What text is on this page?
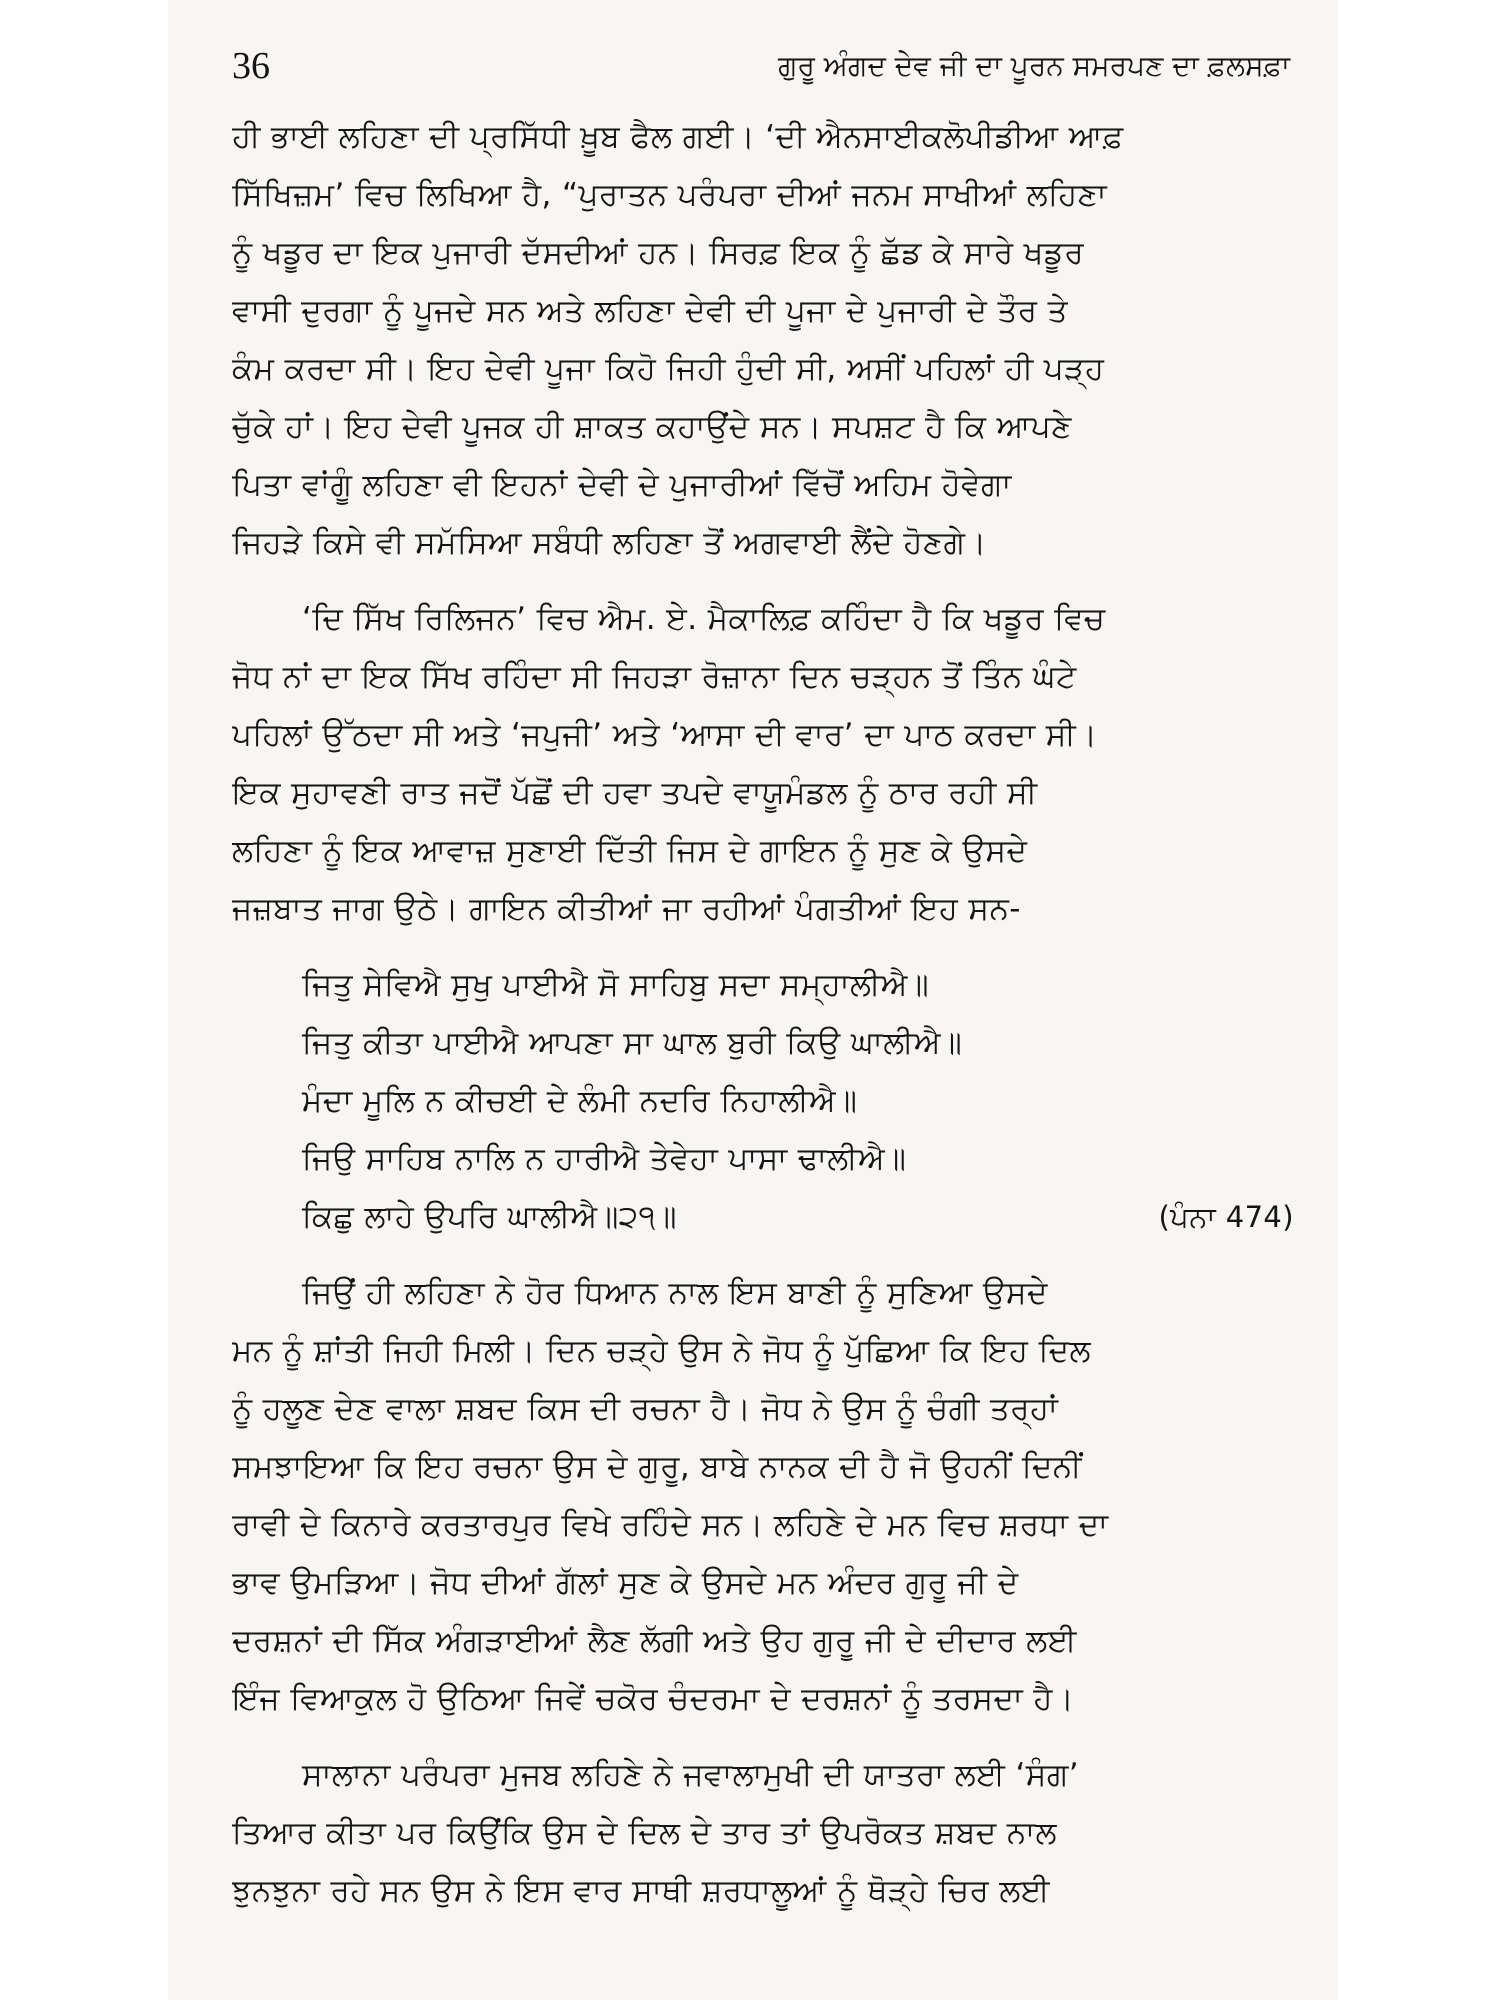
36	ਗੁਰੂ ਅੰਗਦ ਦੇਵ ਜੀ ਦਾ ਪੂਰਨ ਸਮਰਪਣ ਦਾ ਫ਼ਲਸਫ਼ਾ
ਹੀ ਭਾਈ ਲਹਿਣਾ ਦੀ ਪ੍ਰਸਿੱਧੀ ਖ਼ੂਬ ਫੈਲ ਗਈ। ‘ਦੀ ਐਨਸਾਈਕਲੋਪੀਡੀਆ ਆਫ਼
ਸਿੱਖਿਜ਼ਮ’ ਵਿਚ ਲਿਖਿਆ ਹੈ, “ਪੁਰਾਤਨ ਪਰੰਪਰਾ ਦੀਆਂ ਜਨਮ ਸਾਖੀਆਂ ਲਹਿਣਾ
ਨੂੰ ਖਡੂਰ ਦਾ ਇਕ ਪੁਜਾਰੀ ਦੱਸਦੀਆਂ ਹਨ। ਸਿਰਫ਼ ਇਕ ਨੂੰ ਛੱਡ ਕੇ ਸਾਰੇ ਖਡੂਰ
ਵਾਸੀ ਦੁਰਗਾ ਨੂੰ ਪੂਜਦੇ ਸਨ ਅਤੇ ਲਹਿਣਾ ਦੇਵੀ ਦੀ ਪੂਜਾ ਦੇ ਪੁਜਾਰੀ ਦੇ ਤੌਰ ਤੇ
ਕੰਮ ਕਰਦਾ ਸੀ। ਇਹ ਦੇਵੀ ਪੂਜਾ ਕਿਹੋ ਜਿਹੀ ਹੁੰਦੀ ਸੀ, ਅਸੀਂ ਪਹਿਲਾਂ ਹੀ ਪੜ੍ਹ
ਚੁੱਕੇ ਹਾਂ। ਇਹ ਦੇਵੀ ਪੂਜਕ ਹੀ ਸ਼ਾਕਤ ਕਹਾਉਂਦੇ ਸਨ। ਸਪਸ਼ਟ ਹੈ ਕਿ ਆਪਣੇ
ਪਿਤਾ ਵਾਂਗੂੰ ਲਹਿਣਾ ਵੀ ਇਹਨਾਂ ਦੇਵੀ ਦੇ ਪੁਜਾਰੀਆਂ ਵਿੱਚੋਂ ਅਹਿਮ ਹੋਵੇਗਾ
ਜਿਹੜੇ ਕਿਸੇ ਵੀ ਸਮੱਸਿਆ ਸਬੰਧੀ ਲਹਿਣਾ ਤੋਂ ਅਗਵਾਈ ਲੈਂਦੇ ਹੋਣਗੇ।
‘ਦਿ ਸਿੱਖ ਰਿਲਿਜਨ’ ਵਿਚ ਐਮ. ਏ. ਮੈਕਾਲਿਫ਼ ਕਹਿੰਦਾ ਹੈ ਕਿ ਖਡੂਰ ਵਿਚ
ਜੋਧ ਨਾਂ ਦਾ ਇਕ ਸਿੱਖ ਰਹਿੰਦਾ ਸੀ ਜਿਹੜਾ ਰੋਜ਼ਾਨਾ ਦਿਨ ਚੜ੍ਹਨ ਤੋਂ ਤਿੰਨ ਘੰਟੇ
ਪਹਿਲਾਂ ਉੱਠਦਾ ਸੀ ਅਤੇ ‘ਜਪੁਜੀ’ ਅਤੇ ‘ਆਸਾ ਦੀ ਵਾਰ’ ਦਾ ਪਾਠ ਕਰਦਾ ਸੀ।
ਇਕ ਸੁਹਾਵਣੀ ਰਾਤ ਜਦੋਂ ਪੱਛੋਂ ਦੀ ਹਵਾ ਤਪਦੇ ਵਾਯੂਮੰਡਲ ਨੂੰ ਠਾਰ ਰਹੀ ਸੀ
ਲਹਿਣਾ ਨੂੰ ਇਕ ਆਵਾਜ਼ ਸੁਣਾਈ ਦਿੱਤੀ ਜਿਸ ਦੇ ਗਾਇਨ ਨੂੰ ਸੁਣ ਕੇ ਉਸਦੇ
ਜਜ਼ਬਾਤ ਜਾਗ ਉਠੇ। ਗਾਇਨ ਕੀਤੀਆਂ ਜਾ ਰਹੀਆਂ ਪੰਗਤੀਆਂ ਇਹ ਸਨ-
ਜਿਤੁ ਸੇਵਿਐ ਸੁਖੁ ਪਾਈਐ ਸੋ ਸਾਹਿਬੁ ਸਦਾ ਸਮ੍ਹਾਲੀਐ॥
ਜਿਤੁ ਕੀਤਾ ਪਾਈਐ ਆਪਣਾ ਸਾ ਘਾਲ ਬੁਰੀ ਕਿਉ ਘਾਲੀਐ॥
ਮੰਦਾ ਮੂਲਿ ਨ ਕੀਚਈ ਦੇ ਲੰਮੀ ਨਦਰਿ ਨਿਹਾਲੀਐ॥
ਜਿਉ ਸਾਹਿਬ ਨਾਲਿ ਨ ਹਾਰੀਐ ਤੇਵੇਹਾ ਪਾਸਾ ਢਾਲੀਐ॥
ਕਿਛੁ ਲਾਹੇ ਉਪਰਿ ਘਾਲੀਐ॥੨੧॥	(ਪੰਨਾ 474)
ਜਿਉਂ ਹੀ ਲਹਿਣਾ ਨੇ ਹੋਰ ਧਿਆਨ ਨਾਲ ਇਸ ਬਾਣੀ ਨੂੰ ਸੁਣਿਆ ਉਸਦੇ
ਮਨ ਨੂੰ ਸ਼ਾਂਤੀ ਜਿਹੀ ਮਿਲੀ। ਦਿਨ ਚੜ੍ਹੇ ਉਸ ਨੇ ਜੋਧ ਨੂੰ ਪੁੱਛਿਆ ਕਿ ਇਹ ਦਿਲ
ਨੂੰ ਹਲੂਣ ਦੇਣ ਵਾਲਾ ਸ਼ਬਦ ਕਿਸ ਦੀ ਰਚਨਾ ਹੈ। ਜੋਧ ਨੇ ਉਸ ਨੂੰ ਚੰਗੀ ਤਰ੍ਹਾਂ
ਸਮਝਾਇਆ ਕਿ ਇਹ ਰਚਨਾ ਉਸ ਦੇ ਗੁਰੂ, ਬਾਬੇ ਨਾਨਕ ਦੀ ਹੈ ਜੋ ਉਹਨੀਂ ਦਿਨੀਂ
ਰਾਵੀ ਦੇ ਕਿਨਾਰੇ ਕਰਤਾਰਪੁਰ ਵਿਖੇ ਰਹਿੰਦੇ ਸਨ। ਲਹਿਣੇ ਦੇ ਮਨ ਵਿਚ ਸ਼ਰਧਾ ਦਾ
ਭਾਵ ਉਮੜਿਆ। ਜੋਧ ਦੀਆਂ ਗੱਲਾਂ ਸੁਣ ਕੇ ਉਸਦੇ ਮਨ ਅੰਦਰ ਗੁਰੂ ਜੀ ਦੇ
ਦਰਸ਼ਨਾਂ ਦੀ ਸਿੱਕ ਅੰਗੜਾਈਆਂ ਲੈਣ ਲੱਗੀ ਅਤੇ ਉਹ ਗੁਰੂ ਜੀ ਦੇ ਦੀਦਾਰ ਲਈ
ਇੰਜ ਵਿਆਕੁਲ ਹੋ ਉਠਿਆ ਜਿਵੇਂ ਚਕੋਰ ਚੰਦਰਮਾ ਦੇ ਦਰਸ਼ਨਾਂ ਨੂੰ ਤਰਸਦਾ ਹੈ।
ਸਾਲਾਨਾ ਪਰੰਪਰਾ ਮੁਜਬ ਲਹਿਣੇ ਨੇ ਜਵਾਲਾਮੁਖੀ ਦੀ ਯਾਤਰਾ ਲਈ ‘ਸੰਗ’
ਤਿਆਰ ਕੀਤਾ ਪਰ ਕਿਉਂਕਿ ਉਸ ਦੇ ਦਿਲ ਦੇ ਤਾਰ ਤਾਂ ਉਪਰੋਕਤ ਸ਼ਬਦ ਨਾਲ
ਝੁਨਝੁਨਾ ਰਹੇ ਸਨ ਉਸ ਨੇ ਇਸ ਵਾਰ ਸਾਥੀ ਸ਼ਰਧਾਲੂਆਂ ਨੂੰ ਥੋੜ੍ਹੇ ਚਿਰ ਲਈ
